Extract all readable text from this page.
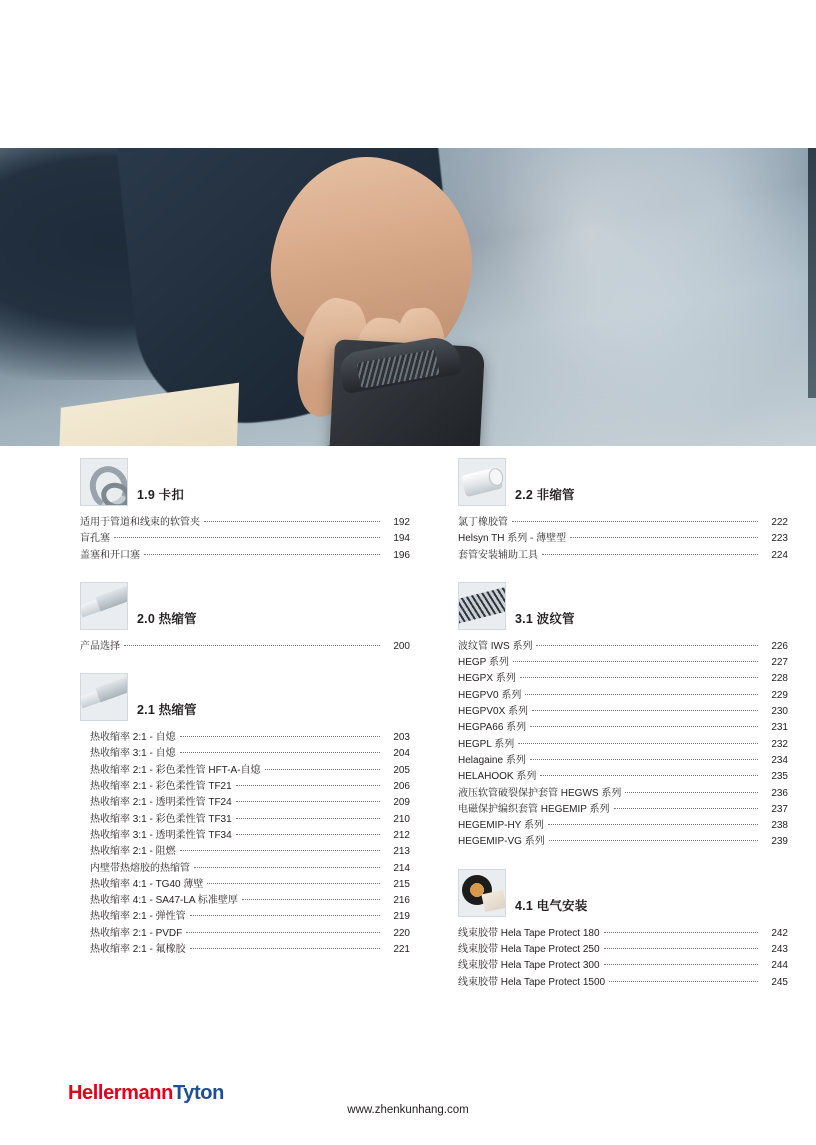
1.9 卡扣
适用于管道和线束的软管夹	192
盲孔塞	194
盖塞和开口塞	196
2.0 热缩管
产品选择	200
2.1 热缩管
热收缩率 2:1 - 自熄	203
热收缩率 3:1 - 自熄	204
热收缩率 2:1 - 彩色柔性管 HFT-A-自熄	205
热收缩率 2:1 - 彩色柔性管 TF21	206
热收缩率 2:1 - 透明柔性管 TF24	209
热收缩率 3:1 - 彩色柔性管 TF31	210
热收缩率 3:1 - 透明柔性管 TF34	212
热收缩率 2:1 - 阻燃	213
内壁带热熔胶的热缩管	214
热收缩率 4:1 - TG40 薄壁	215
热收缩率 4:1 - SA47-LA 标准壁厚	216
热收缩率 2:1 - 弹性管	219
热收缩率 2:1 - PVDF	220
热收缩率 2:1 - 氟橡胶	221
2.2 非缩管
氯丁橡胶管	222
Helsyn TH 系列 - 薄壁型	223
套管安装辅助工具	224
3.1 波纹管
波纹管 IWS 系列	226
HEGP 系列	227
HEGPX 系列	228
HEGPV0 系列	229
HEGPV0X 系列	230
HEGPA66 系列	231
HEGPL 系列	232
Helagaine 系列	234
HELAHOOK 系列	235
液压软管破裂保护套管 HEGWS 系列	236
电磁保护编织套管 HEGEMIP 系列	237
HEGEMIP-HY 系列	238
HEGEMIP-VG 系列	239
4.1 电气安装
线束胶带 Hela Tape Protect 180	242
线束胶带 Hela Tape Protect 250	243
线束胶带 Hela Tape Protect 300	244
线束胶带 Hela Tape Protect 1500	245
HellermannTyton
www.zhenkunhang.com
